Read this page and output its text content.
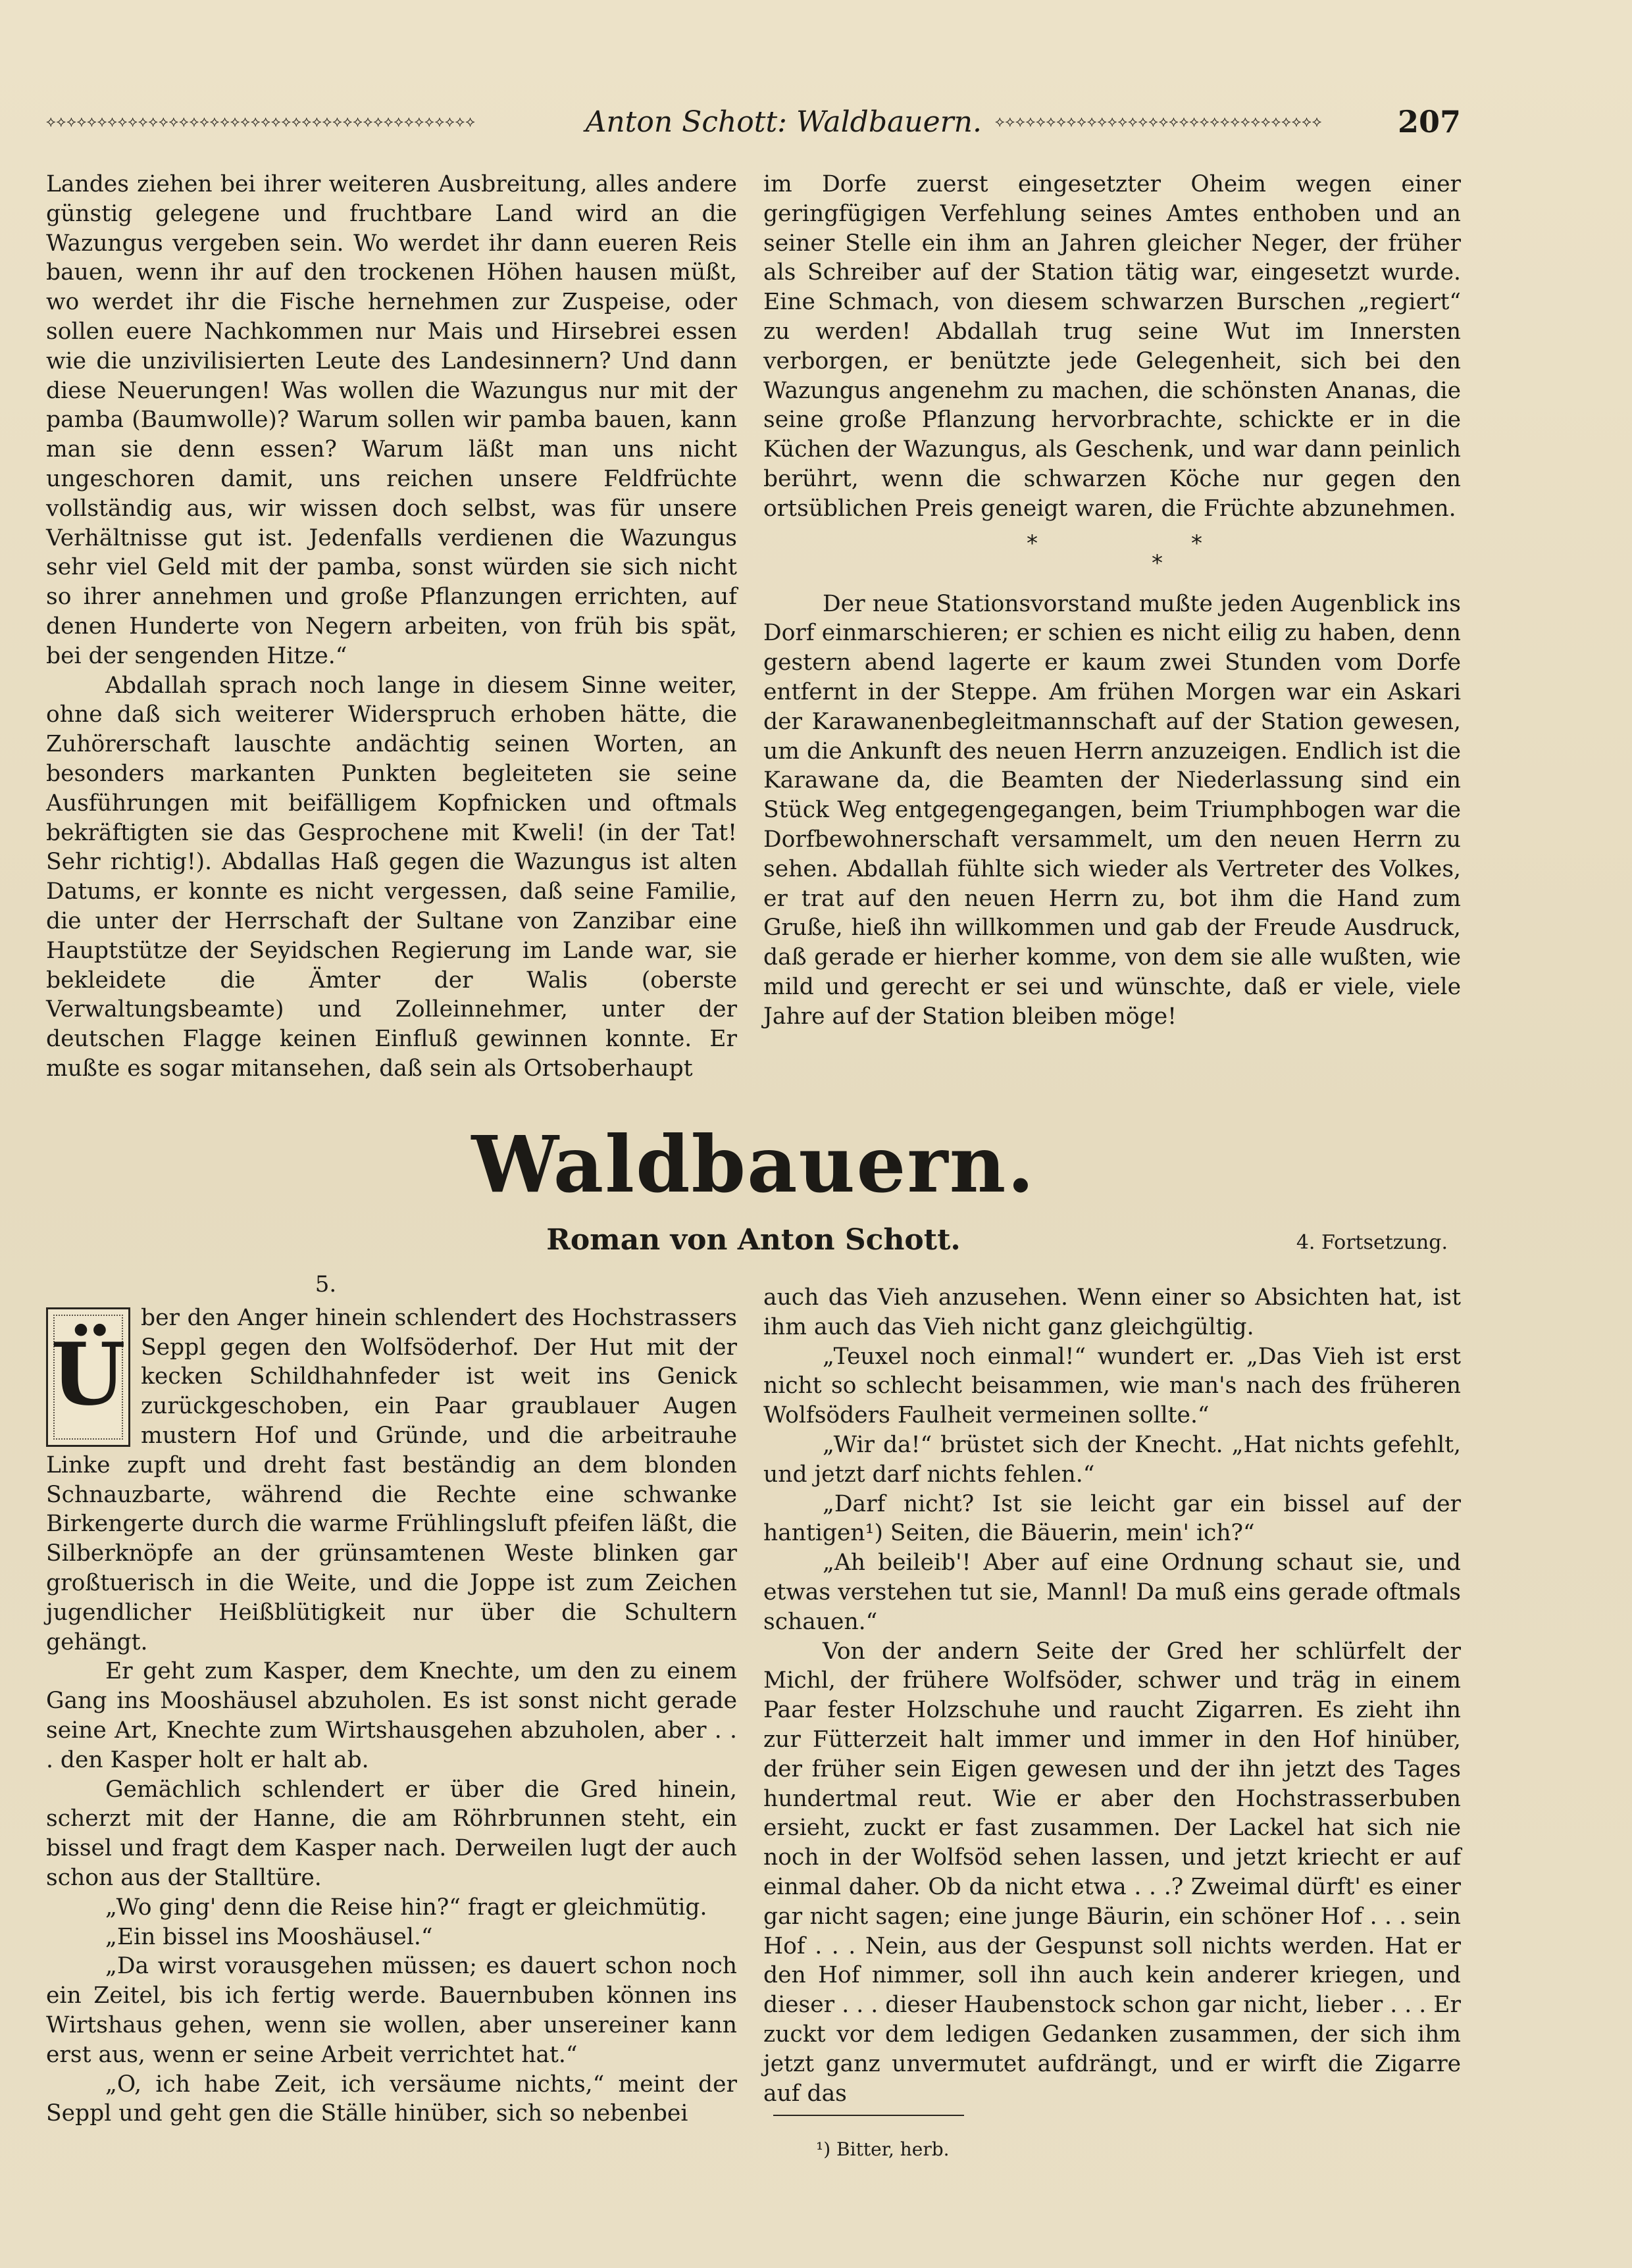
⟡⟡⟡⟡⟡⟡⟡⟡⟡⟡⟡⟡⟡⟡⟡⟡⟡⟡⟡⟡⟡⟡⟡⟡⟡⟡⟡⟡⟡⟡⟡⟡⟡⟡⟡⟡⟡⟡⟡⟡⟡⟡	Anton Schott: Waldbauern. ⟡⟡⟡⟡⟡⟡⟡⟡⟡⟡⟡⟡⟡⟡⟡⟡⟡⟡⟡⟡⟡⟡⟡⟡⟡⟡⟡⟡⟡⟡⟡⟡	207

Landes ziehen bei ihrer weiteren Ausbreitung, alles andere günstig gelegene und fruchtbare Land wird an die Wazungus vergeben sein. Wo werdet ihr dann eueren Reis bauen, wenn ihr auf den trockenen Höhen hausen müßt, wo werdet ihr die Fische hernehmen zur Zuspeise, oder sollen euere Nachkommen nur Mais und Hirsebrei essen wie die unzivilisierten Leute des Landesinnern? Und dann diese Neuerungen! Was wollen die Wazungus nur mit der pamba (Baumwolle)? Warum sollen wir pamba bauen, kann man sie denn essen? Warum läßt man uns nicht ungeschoren damit, uns reichen unsere Feldfrüchte vollständig aus, wir wissen doch selbst, was für unsere Verhältnisse gut ist. Jedenfalls verdienen die Wazungus sehr viel Geld mit der pamba, sonst würden sie sich nicht so ihrer annehmen und große Pflanzungen errichten, auf denen Hunderte von Negern arbeiten, von früh bis spät, bei der sengenden Hitze.“

Abdallah sprach noch lange in diesem Sinne weiter, ohne daß sich weiterer Widerspruch erhoben hätte, die Zuhörerschaft lauschte andächtig seinen Worten, an besonders markanten Punkten begleiteten sie seine Ausführungen mit beifälligem Kopfnicken und oftmals bekräftigten sie das Gesprochene mit Kweli! (in der Tat! Sehr richtig!). Abdallas Haß gegen die Wazungus ist alten Datums, er konnte es nicht vergessen, daß seine Familie, die unter der Herrschaft der Sultane von Zanzibar eine Hauptstütze der Seyidschen Regierung im Lande war, sie bekleidete die Ämter der Walis (oberste Verwaltungsbeamte) und Zolleinnehmer, unter der deutschen Flagge keinen Einfluß gewinnen konnte. Er mußte es sogar mitansehen, daß sein als Ortsoberhaupt

im Dorfe zuerst eingesetzter Oheim wegen einer geringfügigen Verfehlung seines Amtes enthoben und an seiner Stelle ein ihm an Jahren gleicher Neger, der früher als Schreiber auf der Station tätig war, eingesetzt wurde. Eine Schmach, von diesem schwarzen Burschen „regiert“ zu werden! Abdallah trug seine Wut im Innersten verborgen, er benützte jede Gelegenheit, sich bei den Wazungus angenehm zu machen, die schönsten Ananas, die seine große Pflanzung hervorbrachte, schickte er in die Küchen der Wazungus, als Geschenk, und war dann peinlich berührt, wenn die schwarzen Köche nur gegen den ortsüblichen Preis geneigt waren, die Früchte abzunehmen.

*
*
*

Der neue Stationsvorstand mußte jeden Augenblick ins Dorf einmarschieren; er schien es nicht eilig zu haben, denn gestern abend lagerte er kaum zwei Stunden vom Dorfe entfernt in der Steppe. Am frühen Morgen war ein Askari der Karawanenbegleitmannschaft auf der Station gewesen, um die Ankunft des neuen Herrn anzuzeigen. Endlich ist die Karawane da, die Beamten der Niederlassung sind ein Stück Weg entgegengegangen, beim Triumphbogen war die Dorfbewohnerschaft versammelt, um den neuen Herrn zu sehen. Abdallah fühlte sich wieder als Vertreter des Volkes, er trat auf den neuen Herrn zu, bot ihm die Hand zum Gruße, hieß ihn willkommen und gab der Freude Ausdruck, daß gerade er hierher komme, von dem sie alle wußten, wie mild und gerecht er sei und wünschte, daß er viele, viele Jahre auf der Station bleiben möge!

Waldbauern.
Roman von Anton Schott.	4. Fortsetzung.
5.
Ü

ber den Anger hinein schlendert des Hochstrassers Seppl gegen den Wolfsöderhof. Der Hut mit der kecken Schildhahnfeder ist weit ins Genick zurückgeschoben, ein Paar graublauer Augen mustern Hof und Gründe, und die arbeitrauhe Linke zupft und dreht fast beständig an dem blonden Schnauzbarte, während die Rechte eine schwanke Birkengerte durch die warme Frühlingsluft pfeifen läßt, die Silberknöpfe an der grünsamtenen Weste blinken gar großtuerisch in die Weite, und die Joppe ist zum Zeichen jugendlicher Heißblütigkeit nur über die Schultern gehängt.

Er geht zum Kasper, dem Knechte, um den zu einem Gang ins Mooshäusel abzuholen. Es ist sonst nicht gerade seine Art, Knechte zum Wirtshausgehen abzuholen, aber . . . den Kasper holt er halt ab.

Gemächlich schlendert er über die Gred hinein, scherzt mit der Hanne, die am Röhrbrunnen steht, ein bissel und fragt dem Kasper nach. Derweilen lugt der auch schon aus der Stalltüre.

„Wo ging' denn die Reise hin?“ fragt er gleichmütig.

„Ein bissel ins Mooshäusel.“

„Da wirst vorausgehen müssen; es dauert schon noch ein Zeitel, bis ich fertig werde. Bauernbuben können ins Wirtshaus gehen, wenn sie wollen, aber unsereiner kann erst aus, wenn er seine Arbeit verrichtet hat.“

„O, ich habe Zeit, ich versäume nichts,“ meint der Seppl und geht gen die Ställe hinüber, sich so nebenbei

auch das Vieh anzusehen. Wenn einer so Absichten hat, ist ihm auch das Vieh nicht ganz gleichgültig.

„Teuxel noch einmal!“ wundert er. „Das Vieh ist erst nicht so schlecht beisammen, wie man's nach des früheren Wolfsöders Faulheit vermeinen sollte.“

„Wir da!“ brüstet sich der Knecht. „Hat nichts gefehlt, und jetzt darf nichts fehlen.“

„Darf nicht? Ist sie leicht gar ein bissel auf der hantigen¹) Seiten, die Bäuerin, mein' ich?“

„Ah beileib'! Aber auf eine Ordnung schaut sie, und etwas verstehen tut sie, Mannl! Da muß eins gerade oftmals schauen.“

Von der andern Seite der Gred her schlürfelt der Michl, der frühere Wolfsöder, schwer und träg in einem Paar fester Holzschuhe und raucht Zigarren. Es zieht ihn zur Fütterzeit halt immer und immer in den Hof hinüber, der früher sein Eigen gewesen und der ihn jetzt des Tages hundertmal reut. Wie er aber den Hochstrasserbuben ersieht, zuckt er fast zusammen. Der Lackel hat sich nie noch in der Wolfsöd sehen lassen, und jetzt kriecht er auf einmal daher. Ob da nicht etwa . . .? Zweimal dürft' es einer gar nicht sagen; eine junge Bäurin, ein schöner Hof . . . sein Hof . . . Nein, aus der Gespunst soll nichts werden. Hat er den Hof nimmer, soll ihn auch kein anderer kriegen, und dieser . . . dieser Haubenstock schon gar nicht, lieber . . . Er zuckt vor dem ledigen Gedanken zusammen, der sich ihm jetzt ganz unvermutet aufdrängt, und er wirft die Zigarre auf das

¹) Bitter, herb.
